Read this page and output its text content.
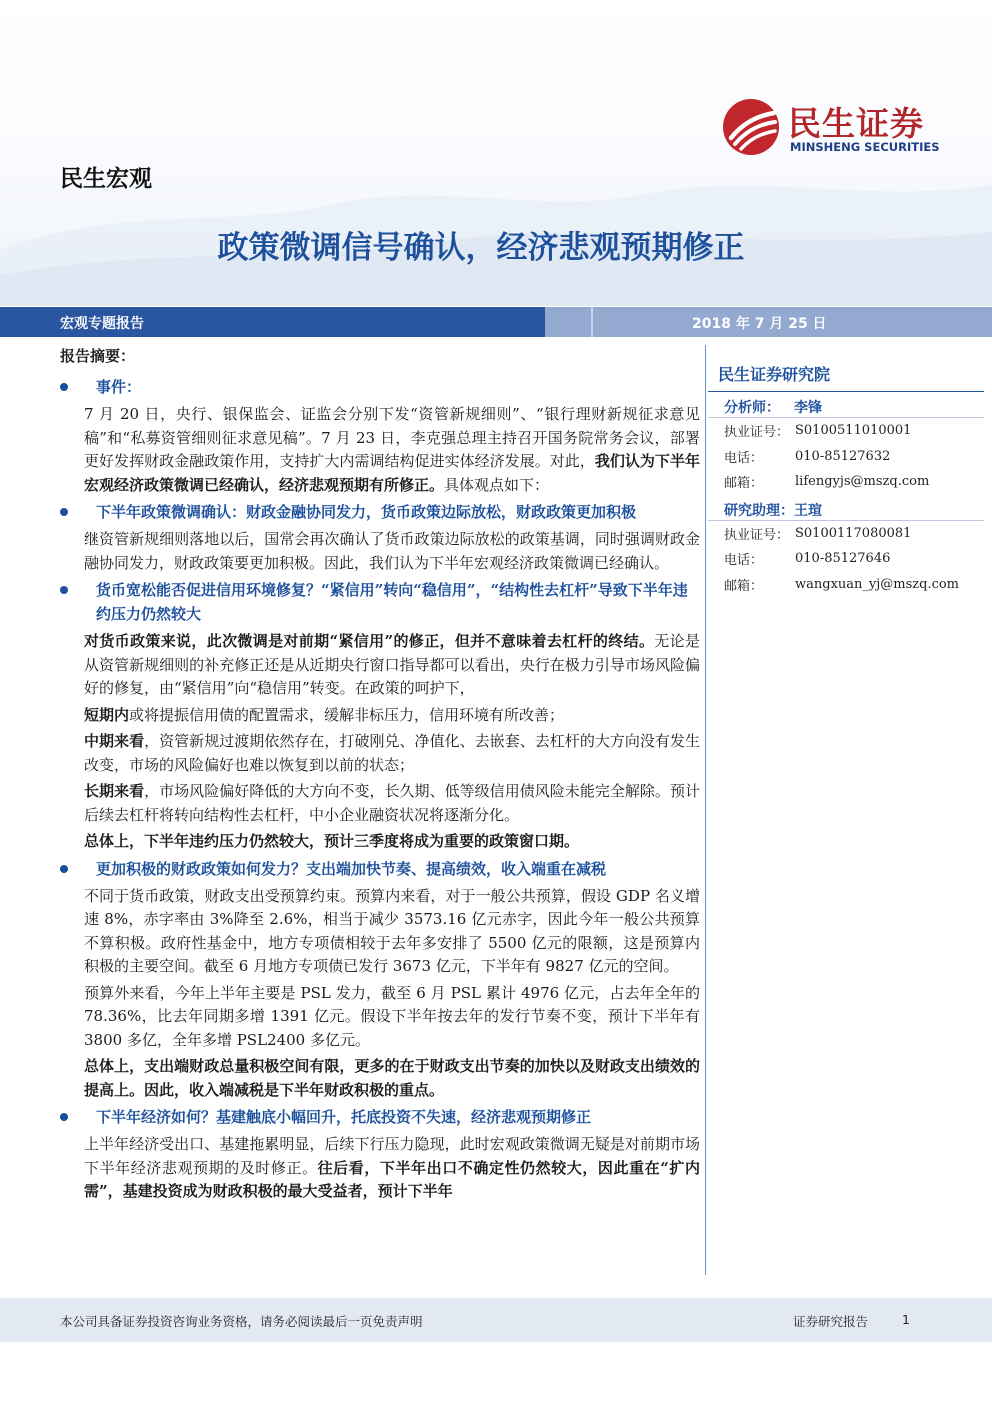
民生证券
MINSHENG SECURITIES
民生宏观
政策微调信号确认，经济悲观预期修正
宏观专题报告	2018 年 7 月 25 日
报告摘要：
事件：
7 月 20 日，央行、银保监会、证监会分别下发“资管新规细则”、“银行理财新规征求意见稿”和“私募资管细则征求意见稿”。7 月 23 日，李克强总理主持召开国务院常务会议，部署更好发挥财政金融政策作用，支持扩大内需调结构促进实体经济发展。对此，我们认为下半年宏观经济政策微调已经确认，经济悲观预期有所修正。具体观点如下：
下半年政策微调确认：财政金融协同发力，货币政策边际放松，财政政策更加积极
继资管新规细则落地以后，国常会再次确认了货币政策边际放松的政策基调，同时强调财政金融协同发力，财政政策要更加积极。因此，我们认为下半年宏观经济政策微调已经确认。
货币宽松能否促进信用环境修复？“紧信用”转向“稳信用”，“结构性去杠杆”导致下半年违约压力仍然较大
对货币政策来说，此次微调是对前期“紧信用”的修正，但并不意味着去杠杆的终结。无论是从资管新规细则的补充修正还是从近期央行窗口指导都可以看出，央行在极力引导市场风险偏好的修复，由“紧信用”向“稳信用”转变。在政策的呵护下，
短期内或将提振信用债的配置需求，缓解非标压力，信用环境有所改善；
中期来看，资管新规过渡期依然存在，打破刚兑、净值化、去嵌套、去杠杆的大方向没有发生改变，市场的风险偏好也难以恢复到以前的状态；
长期来看，市场风险偏好降低的大方向不变，长久期、低等级信用债风险未能完全解除。预计后续去杠杆将转向结构性去杠杆，中小企业融资状况将逐渐分化。
总体上，下半年违约压力仍然较大，预计三季度将成为重要的政策窗口期。
更加积极的财政政策如何发力？支出端加快节奏、提高绩效，收入端重在减税
不同于货币政策，财政支出受预算约束。预算内来看，对于一般公共预算，假设 GDP 名义增速 8%，赤字率由 3%降至 2.6%，相当于减少 3573.16 亿元赤字，因此今年一般公共预算不算积极。政府性基金中，地方专项债相较于去年多安排了 5500 亿元的限额，这是预算内积极的主要空间。截至 6 月地方专项债已发行 3673 亿元，下半年有 9827 亿元的空间。
预算外来看，今年上半年主要是 PSL 发力，截至 6 月 PSL 累计 4976 亿元，占去年全年的 78.36%，比去年同期多增 1391 亿元。假设下半年按去年的发行节奏不变，预计下半年有 3800 多亿，全年多增 PSL2400 多亿元。
总体上，支出端财政总量积极空间有限，更多的在于财政支出节奏的加快以及财政支出绩效的提高上。因此，收入端减税是下半年财政积极的重点。
下半年经济如何？基建触底小幅回升，托底投资不失速，经济悲观预期修正
上半年经济受出口、基建拖累明显，后续下行压力隐现，此时宏观政策微调无疑是对前期市场下半年经济悲观预期的及时修正。往后看，下半年出口不确定性仍然较大，因此重在“扩内需”，基建投资成为财政积极的最大受益者，预计下半年
民生证券研究院
分析师： 李锋
执业证号： S0100511010001
电话：	010-85127632
邮箱：	lifengyjs@mszq.com
研究助理：王瑄
执业证号： S0100117080081
电话：	010-85127646
邮箱：	wangxuan_yj@mszq.com
本公司具备证券投资咨询业务资格，请务必阅读最后一页免责声明	证券研究报告	1
